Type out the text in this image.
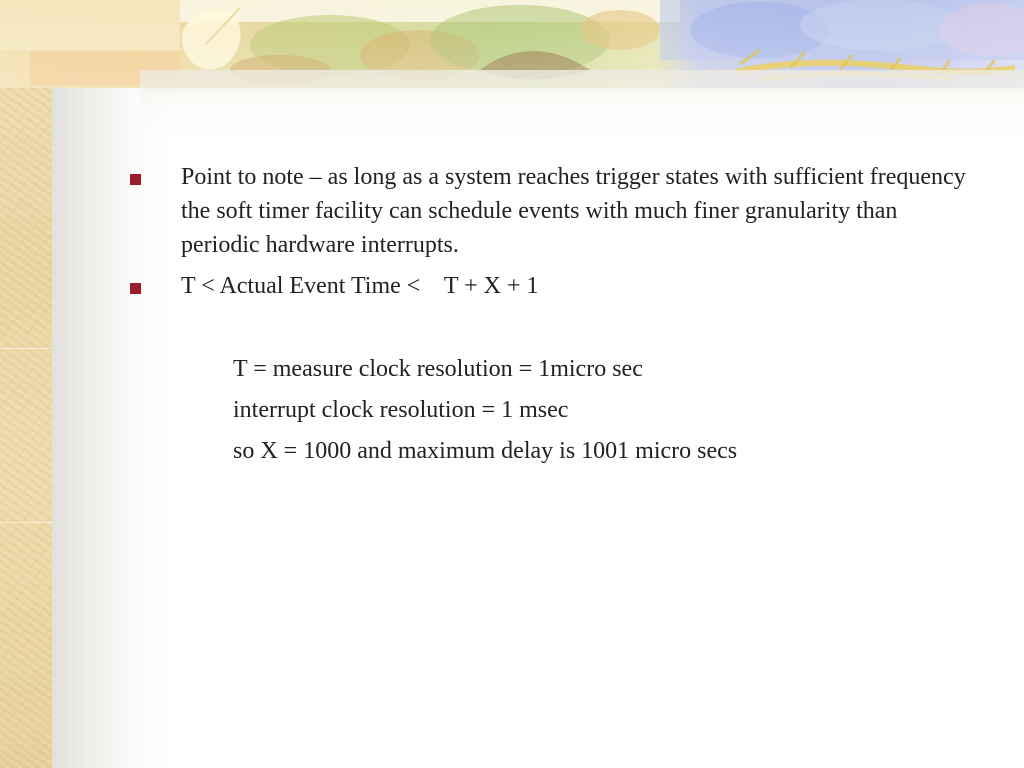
Point to note – as long as a system reaches trigger states with sufficient frequency the soft timer facility can schedule events with much finer granularity than periodic hardware interrupts.
T < Actual Event Time <    T + X + 1
T = measure clock resolution = 1micro sec
interrupt clock resolution = 1 msec
so X = 1000 and maximum delay is 1001 micro secs
